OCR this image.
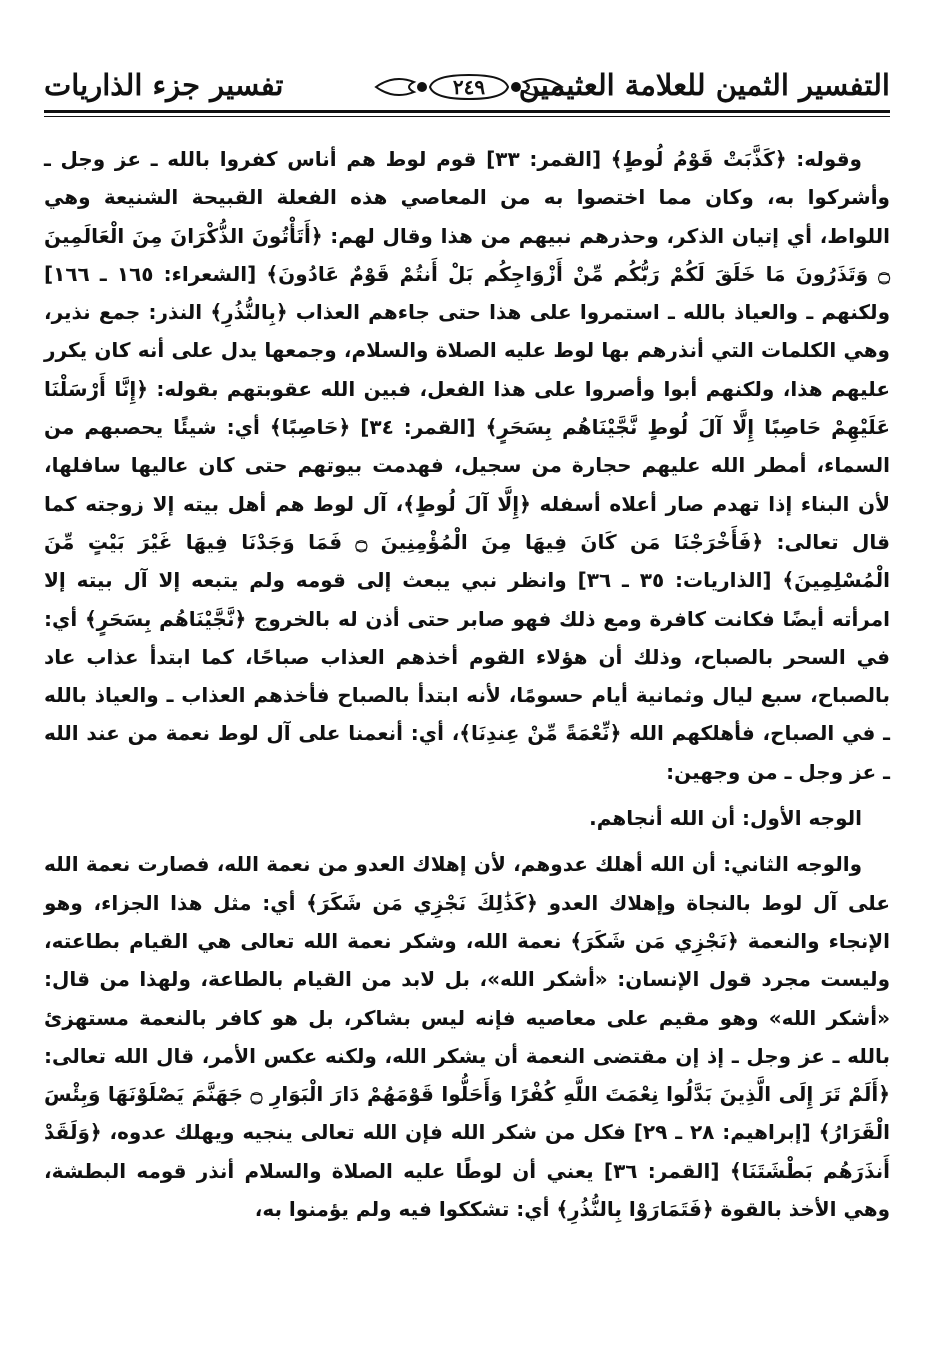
تفسير جزء الذاريات	٢٤٩	التفسير الثمين للعلامة العثيمين

وقوله: ﴿كَذَّبَتْ قَوْمُ لُوطٍ﴾ [القمر: ٣٣] قوم لوط هم أناس كفروا بالله ـ عز وجل ـ وأشركوا به، وكان مما اختصوا به من المعاصي هذه الفعلة القبيحة الشنيعة وهي اللواط، أي إتيان الذكر، وحذرهم نبيهم من هذا وقال لهم: ﴿أَتَأْتُونَ الذُّكْرَانَ مِنَ الْعَالَمِينَ ۝ وَتَذَرُونَ مَا خَلَقَ لَكُمْ رَبُّكُم مِّنْ أَزْوَاجِكُم بَلْ أَنتُمْ قَوْمٌ عَادُونَ﴾ [الشعراء: ١٦٥ ـ ١٦٦] ولكنهم ـ والعياذ بالله ـ استمروا على هذا حتى جاءهم العذاب ﴿بِالنُّذُرِ﴾ النذر: جمع نذير، وهي الكلمات التي أنذرهم بها لوط عليه الصلاة والسلام، وجمعها يدل على أنه كان يكرر عليهم هذا، ولكنهم أبوا وأصروا على هذا الفعل، فبين الله عقوبتهم بقوله: ﴿إِنَّا أَرْسَلْنَا عَلَيْهِمْ حَاصِبًا إِلَّا آلَ لُوطٍ نَّجَّيْنَاهُم بِسَحَرٍ﴾ [القمر: ٣٤] ﴿حَاصِبًا﴾ أي: شيئًا يحصبهم من السماء، أمطر الله عليهم حجارة من سجيل، فهدمت بيوتهم حتى كان عاليها سافلها، لأن البناء إذا تهدم صار أعلاه أسفله ﴿إِلَّا آلَ لُوطٍ﴾، آل لوط هم أهل بيته إلا زوجته كما قال تعالى: ﴿فَأَخْرَجْنَا مَن كَانَ فِيهَا مِنَ الْمُؤْمِنِينَ ۝ فَمَا وَجَدْنَا فِيهَا غَيْرَ بَيْتٍ مِّنَ الْمُسْلِمِينَ﴾ [الذاريات: ٣٥ ـ ٣٦] وانظر نبي يبعث إلى قومه ولم يتبعه إلا آل بيته إلا امرأته أيضًا فكانت كافرة ومع ذلك فهو صابر حتى أذن له بالخروج ﴿نَّجَّيْنَاهُم بِسَحَرٍ﴾ أي: في السحر بالصباح، وذلك أن هؤلاء القوم أخذهم العذاب صباحًا، كما ابتدأ عذاب عاد بالصباح، سبع ليال وثمانية أيام حسومًا، لأنه ابتدأ بالصباح فأخذهم العذاب ـ والعياذ بالله ـ في الصباح، فأهلكهم الله ﴿نِّعْمَةً مِّنْ عِندِنَا﴾، أي: أنعمنا على آل لوط نعمة من عند الله ـ عز وجل ـ من وجهين:

الوجه الأول: أن الله أنجاهم.

والوجه الثاني: أن الله أهلك عدوهم، لأن إهلاك العدو من نعمة الله، فصارت نعمة الله على آل لوط بالنجاة وإهلاك العدو ﴿كَذَٰلِكَ نَجْزِي مَن شَكَرَ﴾ أي: مثل هذا الجزاء، وهو الإنجاء والنعمة ﴿نَجْزِي مَن شَكَرَ﴾ نعمة الله، وشكر نعمة الله تعالى هي القيام بطاعته، وليست مجرد قول الإنسان: «أشكر الله»، بل لابد من القيام بالطاعة، ولهذا من قال: «أشكر الله» وهو مقيم على معاصيه فإنه ليس بشاكر، بل هو كافر بالنعمة مستهزئ بالله ـ عز وجل ـ إذ إن مقتضى النعمة أن يشكر الله، ولكنه عكس الأمر، قال الله تعالى: ﴿أَلَمْ تَرَ إِلَى الَّذِينَ بَدَّلُوا نِعْمَتَ اللَّهِ كُفْرًا وَأَحَلُّوا قَوْمَهُمْ دَارَ الْبَوَارِ ۝ جَهَنَّمَ يَصْلَوْنَهَا وَبِئْسَ الْقَرَارُ﴾ [إبراهيم: ٢٨ ـ ٢٩] فكل من شكر الله فإن الله تعالى ينجيه ويهلك عدوه، ﴿وَلَقَدْ أَنذَرَهُم بَطْشَتَنَا﴾ [القمر: ٣٦] يعني أن لوطًا عليه الصلاة والسلام أنذر قومه البطشة، وهي الأخذ بالقوة ﴿فَتَمَارَوْا بِالنُّذُرِ﴾ أي: تشككوا فيه ولم يؤمنوا به،
